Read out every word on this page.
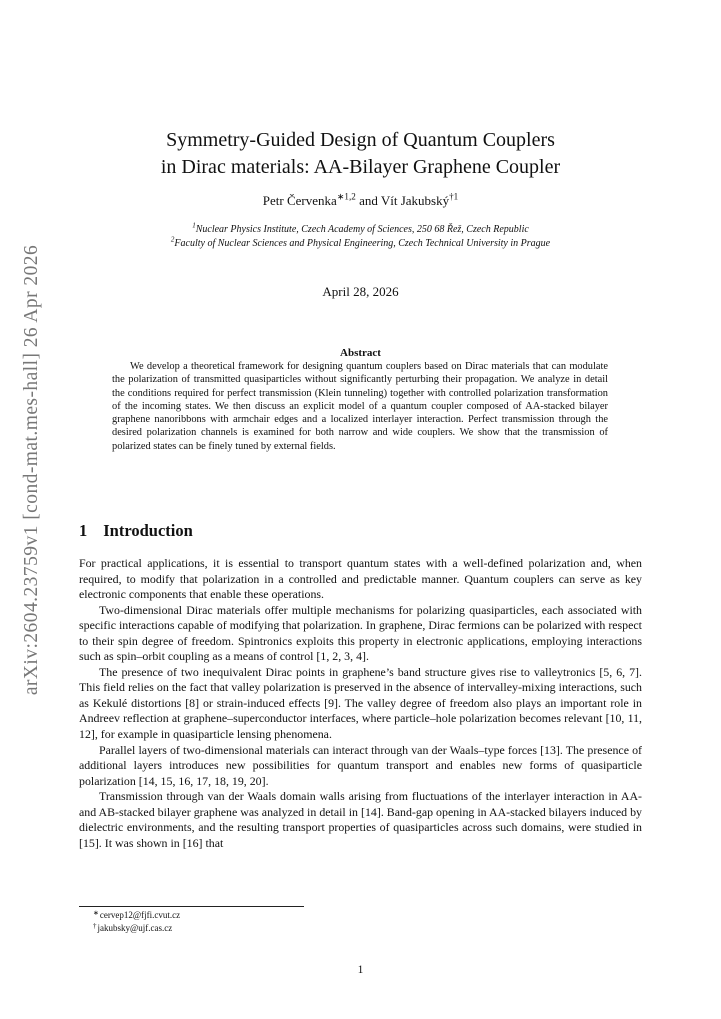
arXiv:2604.23759v1 [cond-mat.mes-hall] 26 Apr 2026
Symmetry-Guided Design of Quantum Couplers
in Dirac materials: AA-Bilayer Graphene Coupler
Petr Červenka$^{∗1,2}$ and Vít Jakubský$^{\dagger 1}$
$^1$Nuclear Physics Institute, Czech Academy of Sciences, 250 68 Řež, Czech Republic
$^2$Faculty of Nuclear Sciences and Physical Engineering, Czech Technical University in Prague
April 28, 2026
Abstract
We develop a theoretical framework for designing quantum couplers based on Dirac materials that can modulate the polarization of transmitted quasiparticles without significantly perturbing their propagation. We analyze in detail the conditions required for perfect transmission (Klein tunneling) together with controlled polarization transformation of the incoming states. We then discuss an explicit model of a quantum coupler composed of AA-stacked bilayer graphene nanoribbons with armchair edges and a localized interlayer interaction. Perfect transmission through the desired polarization channels is examined for both narrow and wide couplers. We show that the transmission of polarized states can be finely tuned by external fields.
1 Introduction

For practical applications, it is essential to transport quantum states with a well-defined polarization and, when required, to modify that polarization in a controlled and predictable manner. Quantum couplers can serve as key electronic components that enable these operations.

Two-dimensional Dirac materials offer multiple mechanisms for polarizing quasiparticles, each associated with specific interactions capable of modifying that polarization. In graphene, Dirac fermions can be polarized with respect to their spin degree of freedom. Spintronics exploits this property in electronic applications, employing interactions such as spin–orbit coupling as a means of control [1, 2, 3, 4].

The presence of two inequivalent Dirac points in graphene’s band structure gives rise to valleytronics [5, 6, 7]. This field relies on the fact that valley polarization is preserved in the absence of intervalley-mixing interactions, such as Kekulé distortions [8] or strain-induced effects [9]. The valley degree of freedom also plays an important role in Andreev reflection at graphene–superconductor interfaces, where particle–hole polarization becomes relevant [10, 11, 12], for example in quasiparticle lensing phenomena.

Parallel layers of two-dimensional materials can interact through van der Waals–type forces [13]. The presence of additional layers introduces new possibilities for quantum transport and enables new forms of quasiparticle polarization [14, 15, 16, 17, 18, 19, 20].

Transmission through van der Waals domain walls arising from fluctuations of the interlayer interaction in AA- and AB-stacked bilayer graphene was analyzed in detail in [14]. Band-gap opening in AA-stacked bilayers induced by dielectric environments, and the resulting transport properties of quasiparticles across such domains, were studied in [15]. It was shown in [16] that

∗cervep12@fjfi.cvut.cz
†jakubsky@ujf.cas.cz
1
